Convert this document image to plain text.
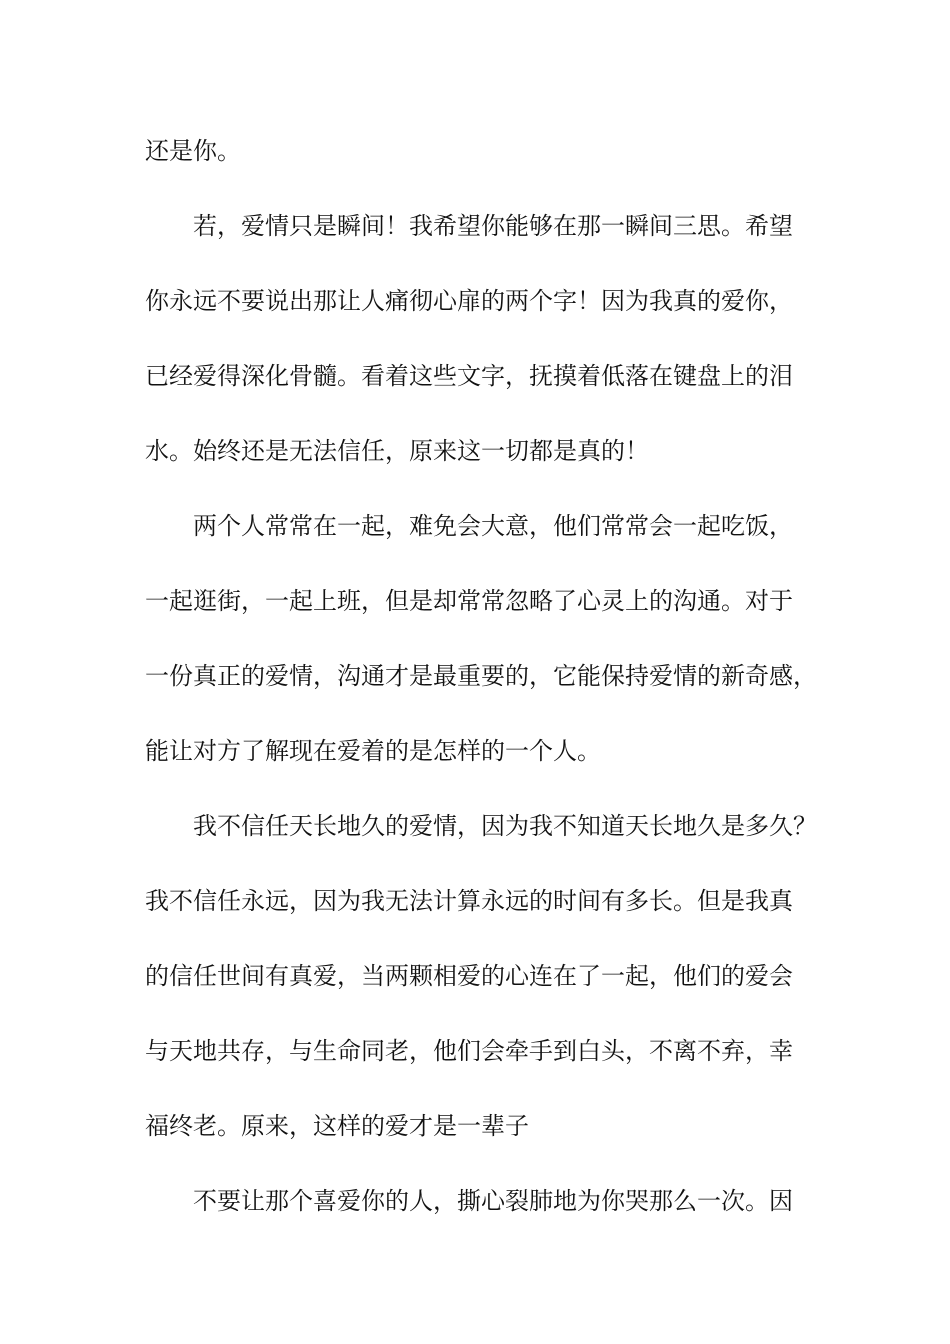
还是你。
若，爱情只是瞬间！我希望你能够在那一瞬间三思。希望
你永远不要说出那让人痛彻心扉的两个字！因为我真的爱你，
已经爱得深化骨髓。看着这些文字，抚摸着低落在键盘上的泪
水。始终还是无法信任，原来这一切都是真的！
两个人常常在一起，难免会大意，他们常常会一起吃饭，
一起逛街，一起上班，但是却常常忽略了心灵上的沟通。对于
一份真正的爱情，沟通才是最重要的，它能保持爱情的新奇感，
能让对方了解现在爱着的是怎样的一个人。
我不信任天长地久的爱情，因为我不知道天长地久是多久？
我不信任永远，因为我无法计算永远的时间有多长。但是我真
的信任世间有真爱，当两颗相爱的心连在了一起，他们的爱会
与天地共存，与生命同老，他们会牵手到白头，不离不弃，幸
福终老。原来，这样的爱才是一辈子
不要让那个喜爱你的人，撕心裂肺地为你哭那么一次。因
